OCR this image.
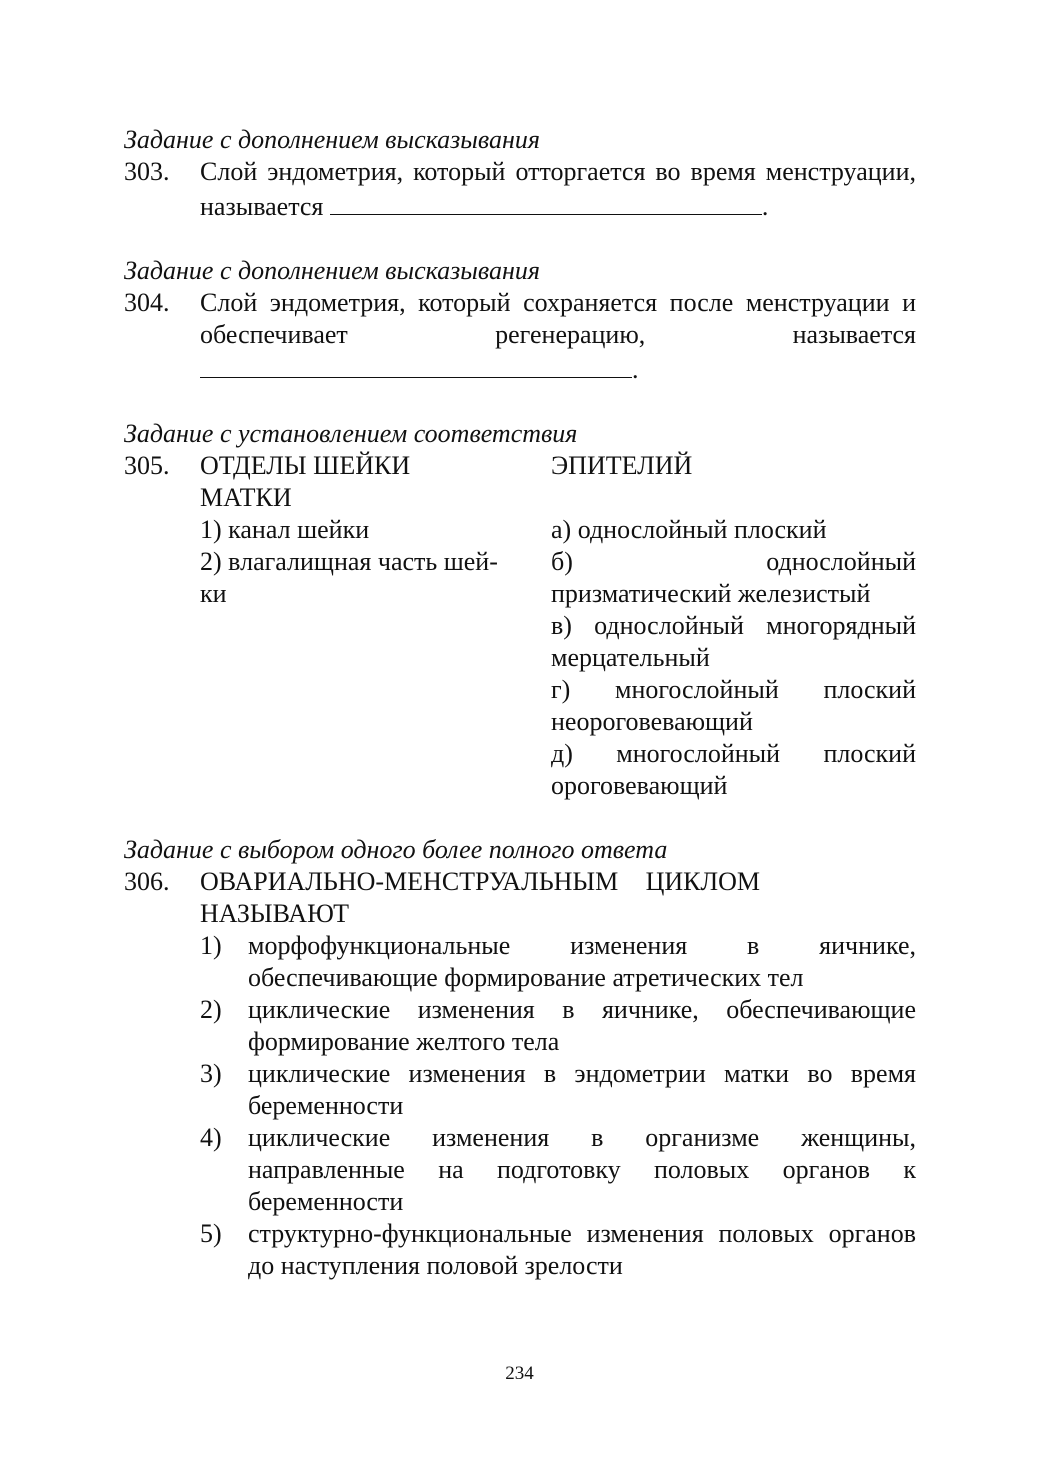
Задание с дополнением высказывания

303. Слой эндометрия, который отторгается во время менструации, называется	.

Задание с дополнением высказывания

304. Слой эндометрия, который сохраняется после менструации и обеспечивает регенерацию, называется
.

Задание с установлением соответствия

305. ОТДЕЛЫ ШЕЙКИ МАТКИ
1) канал шейки
2) влагалищная часть шей-
ки
ЭПИТЕЛИЙ
а) однослойный плоский
б) однослойный призматический железистый
в) однослойный многорядный мерцательный
г) многослойный плоский неороговевающий
д) многослойный плоский ороговевающий

Задание с выбором одного более полного ответа

306. ОВАРИАЛЬНО-МЕНСТРУАЛЬНЫМ ЦИКЛОМ НАЗЫВАЮТ
1) морфофункциональные изменения в яичнике, обеспечивающие формирование атретических тел
2) циклические изменения в яичнике, обеспечивающие формирование желтого тела
3) циклические изменения в эндометрии матки во время беременности
4) циклические изменения в организме женщины, направленные на подготовку половых органов к беременности
5) структурно-функциональные изменения половых органов до наступления половой зрелости
234
